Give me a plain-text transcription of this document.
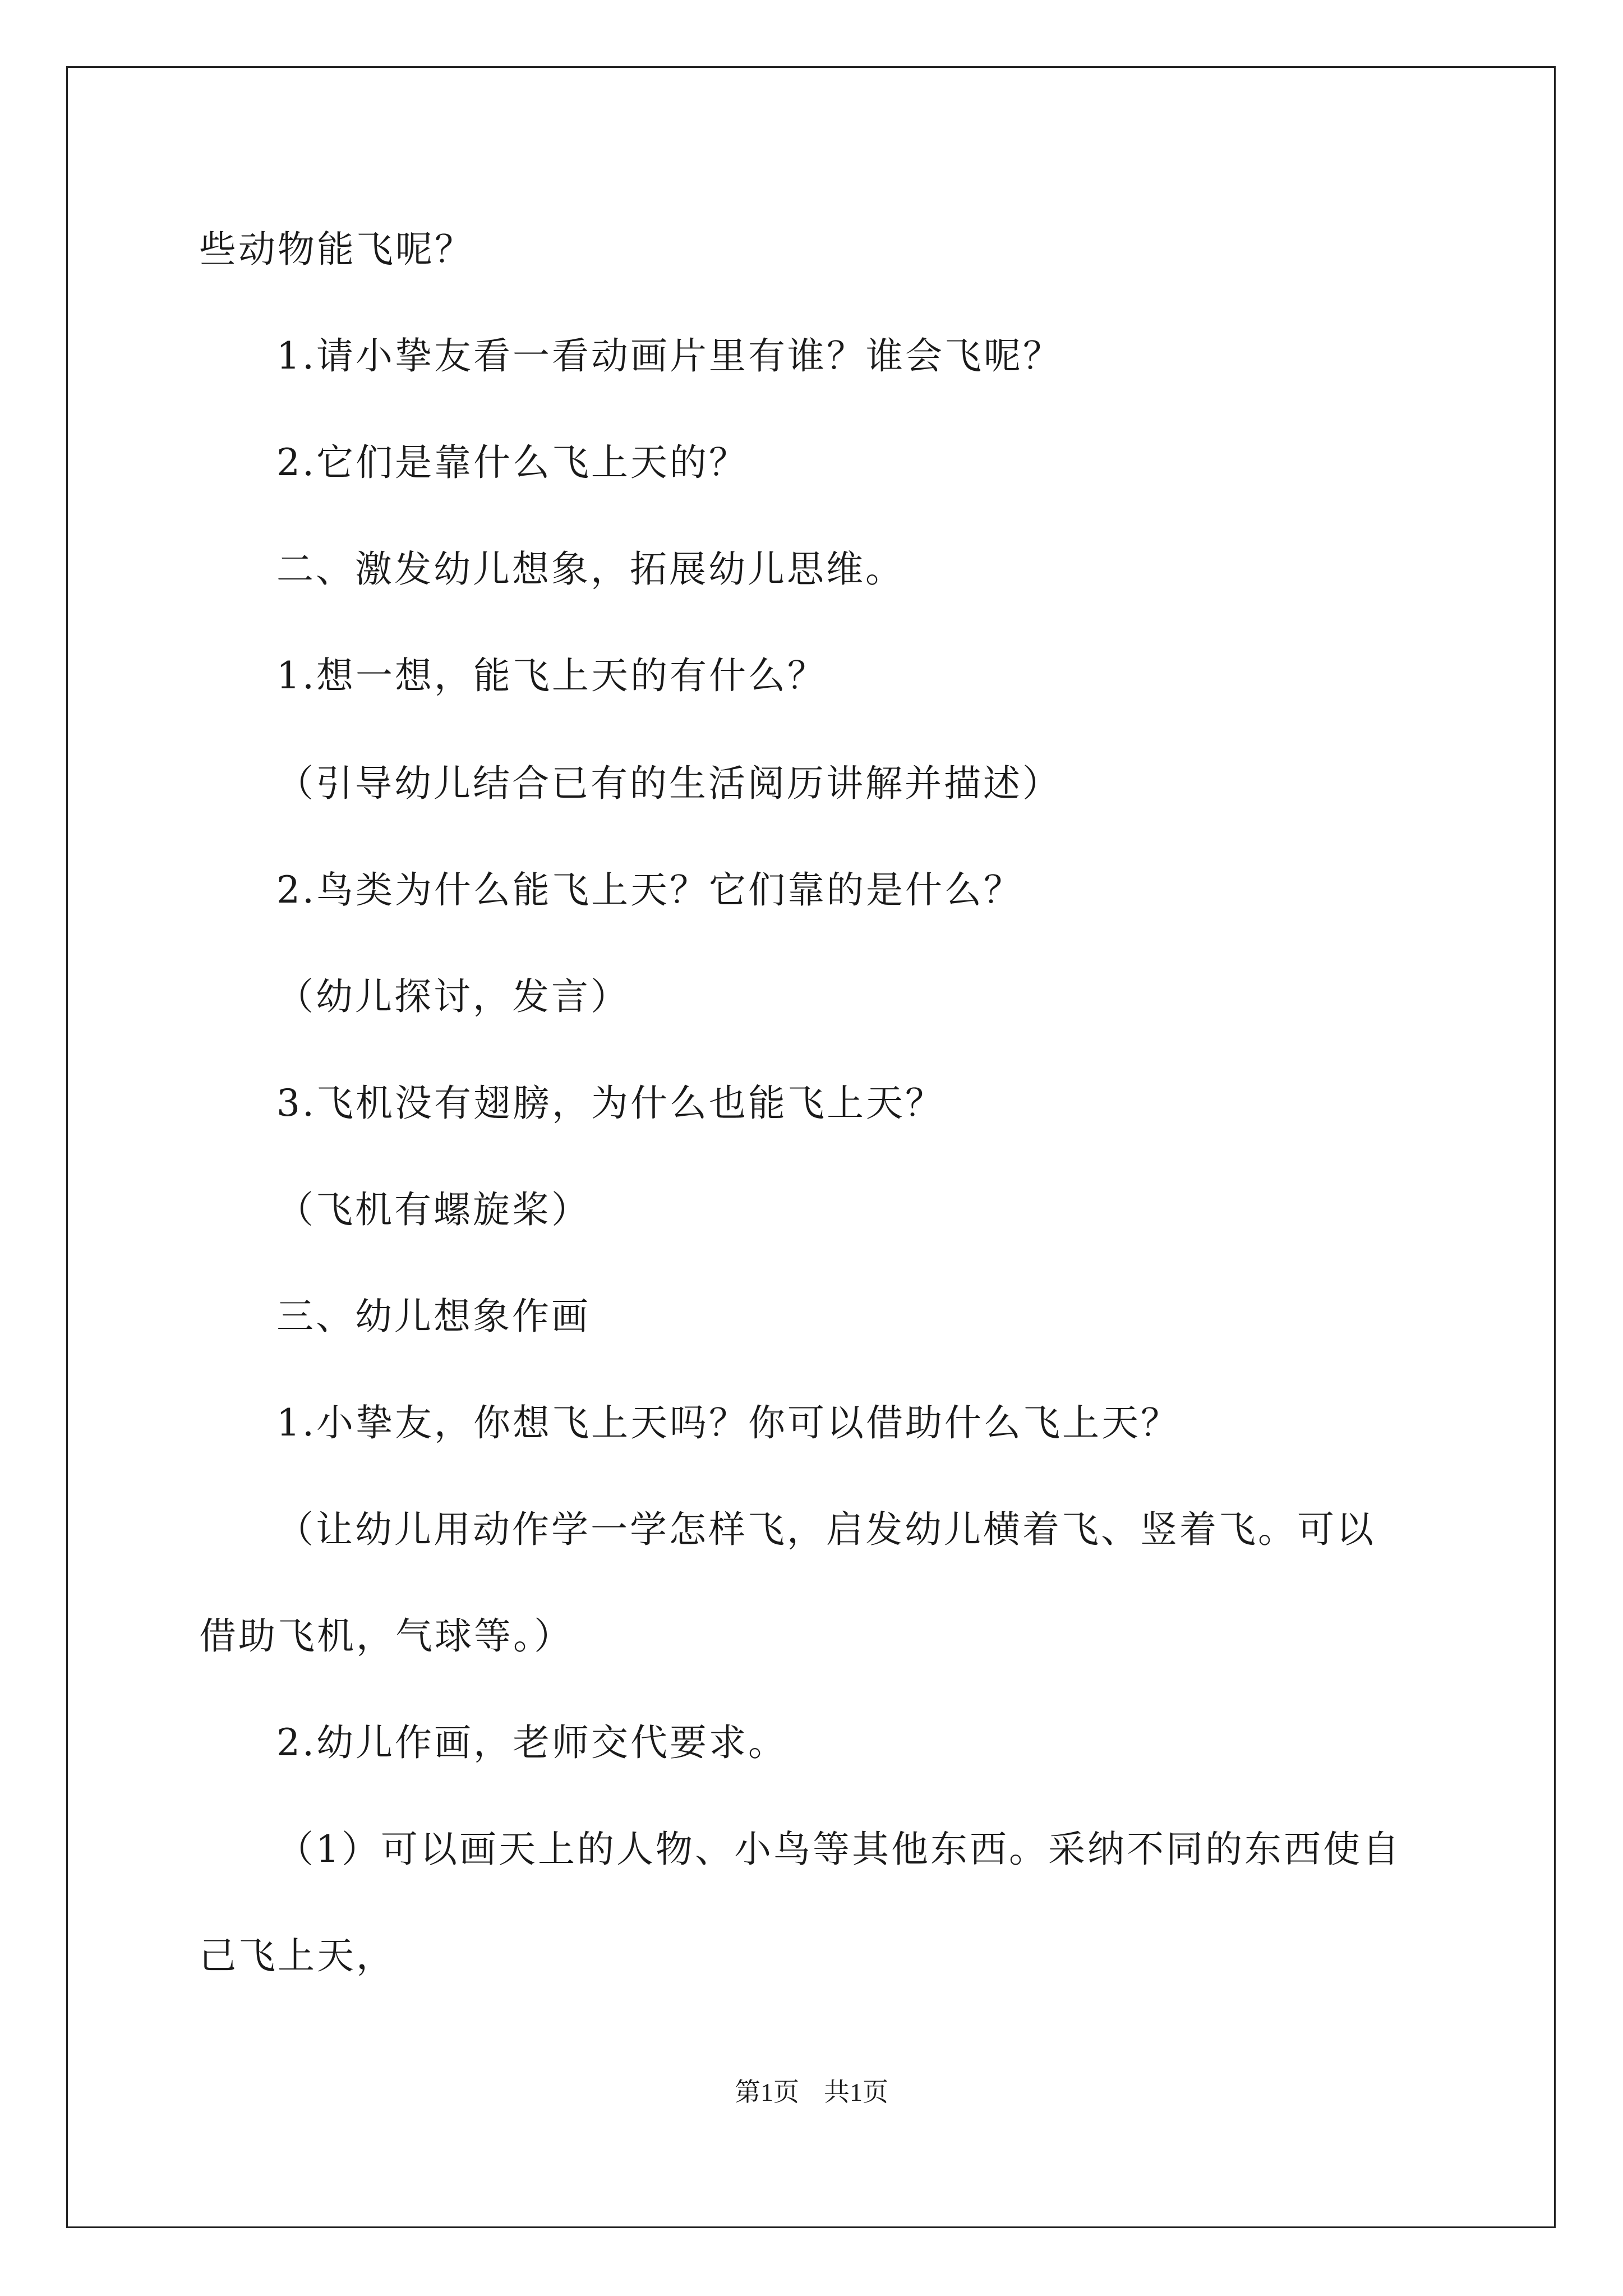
些动物能飞呢？
1.请小挚友看一看动画片里有谁？谁会飞呢？
2.它们是靠什么飞上天的？
二、激发幼儿想象，拓展幼儿思维。
1.想一想，能飞上天的有什么？
（引导幼儿结合已有的生活阅历讲解并描述）
2.鸟类为什么能飞上天？它们靠的是什么？
（幼儿探讨，发言）
3.飞机没有翅膀，为什么也能飞上天？
（飞机有螺旋桨）
三、幼儿想象作画
1.小挚友，你想飞上天吗？你可以借助什么飞上天？
（让幼儿用动作学一学怎样飞，启发幼儿横着飞、竖着飞。可以
借助飞机，气球等。）
2.幼儿作画，老师交代要求。
（1）可以画天上的人物、小鸟等其他东西。采纳不同的东西使自
己飞上天，
第1页 共1页
